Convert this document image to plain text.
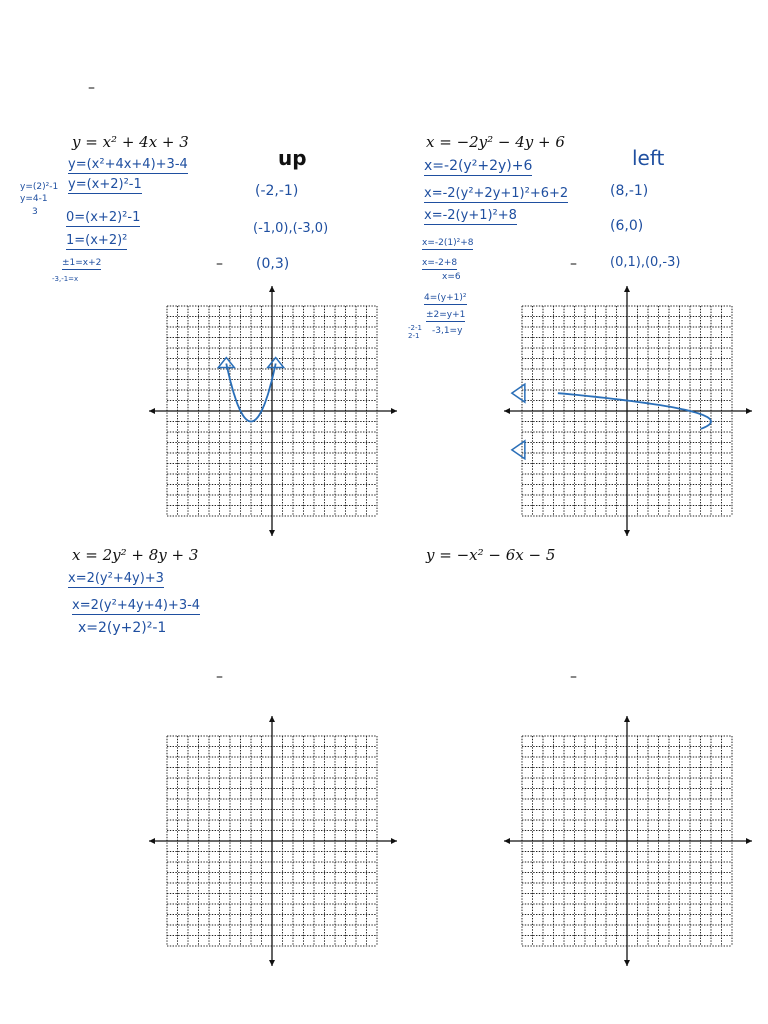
–
y = x² + 4x + 3
y=(x²+4x+4)+3-4
y=(x+2)²-1
0=(x+2)²-1
1=(x+2)²
±1=x+2
-3,-1=x
y=(2)²-1
y=4-1
3
up
(-2,-1)
(-1,0),(-3,0)
(0,3)
–
x = −2y² − 4y + 6
x=-2(y²+2y)+6
x=-2(y²+2y+1)²+6+2
x=-2(y+1)²+8
x=-2(1)²+8
x=-2+8
x=6
4=(y+1)²
±2=y+1
-3,1=y
-2-1
2-1
left
(8,-1)
(6,0)
(0,1),(0,-3)
–
x = 2y² + 8y + 3
x=2(y²+4y)+3
x=2(y²+4y+4)+3-4
x=2(y+2)²-1
–
y = −x² − 6x − 5
–
